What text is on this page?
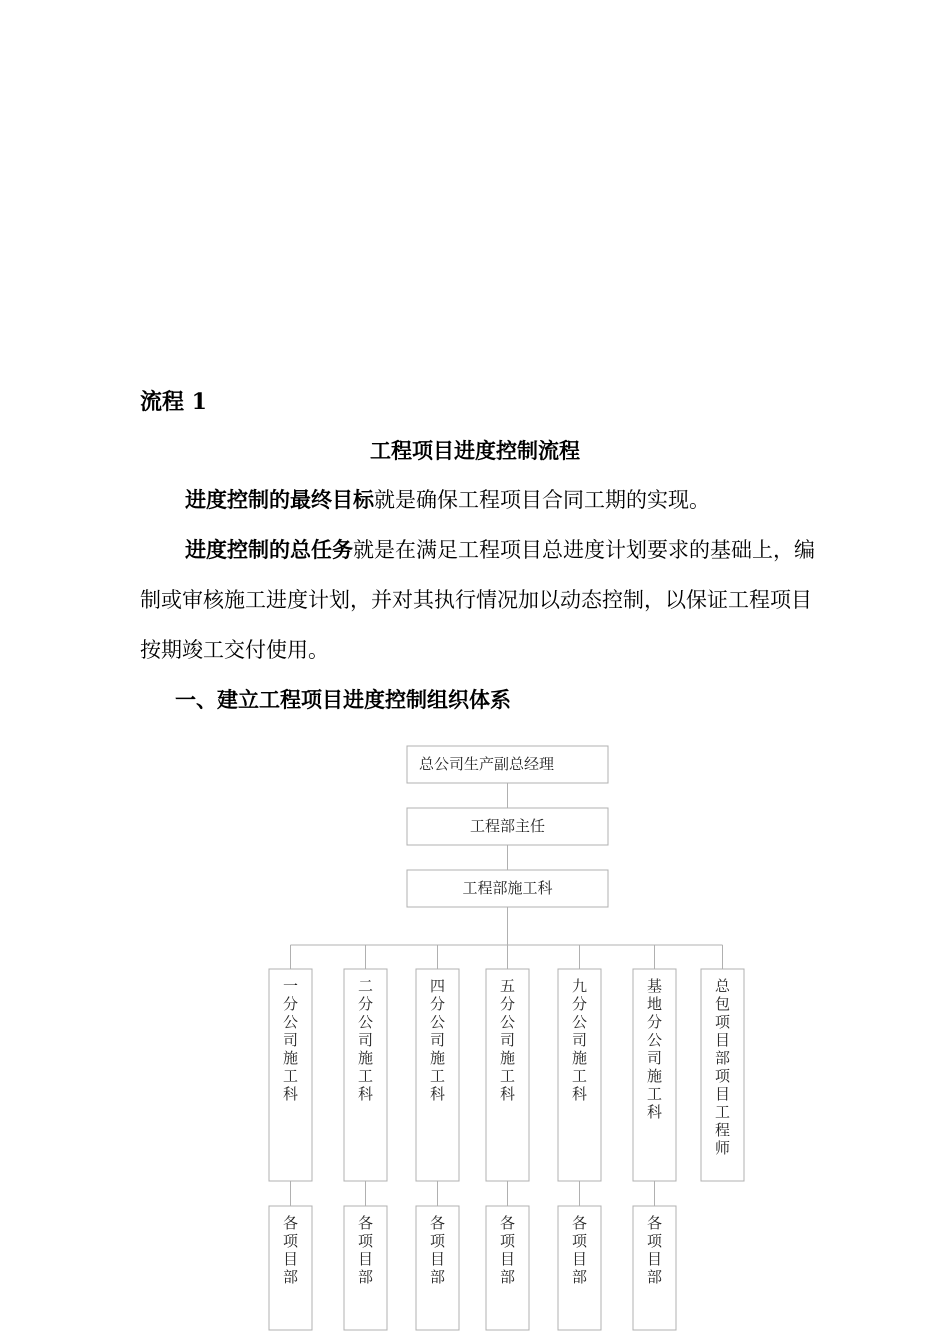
流程 1
工程项目进度控制流程
进度控制的最终目标就是确保工程项目合同工期的实现。
进度控制的总任务就是在满足工程项目总进度计划要求的基础上，编制或审核施工进度计划，并对其执行情况加以动态控制，以保证工程项目按期竣工交付使用。
一、建立工程项目进度控制组织体系
总公司生产副总经理
工程部主任
工程部施工科
一
分
公
司
施
工
科
二
分
公
司
施
工
科
四
分
公
司
施
工
科
五
分
公
司
施
工
科
九
分
公
司
施
工
科
基
地
分
公
司
施
工
科
总
包
项
目
部
项
目
工
程
师
各
项
目
部
各
项
目
部
各
项
目
部
各
项
目
部
各
项
目
部
各
项
目
部
